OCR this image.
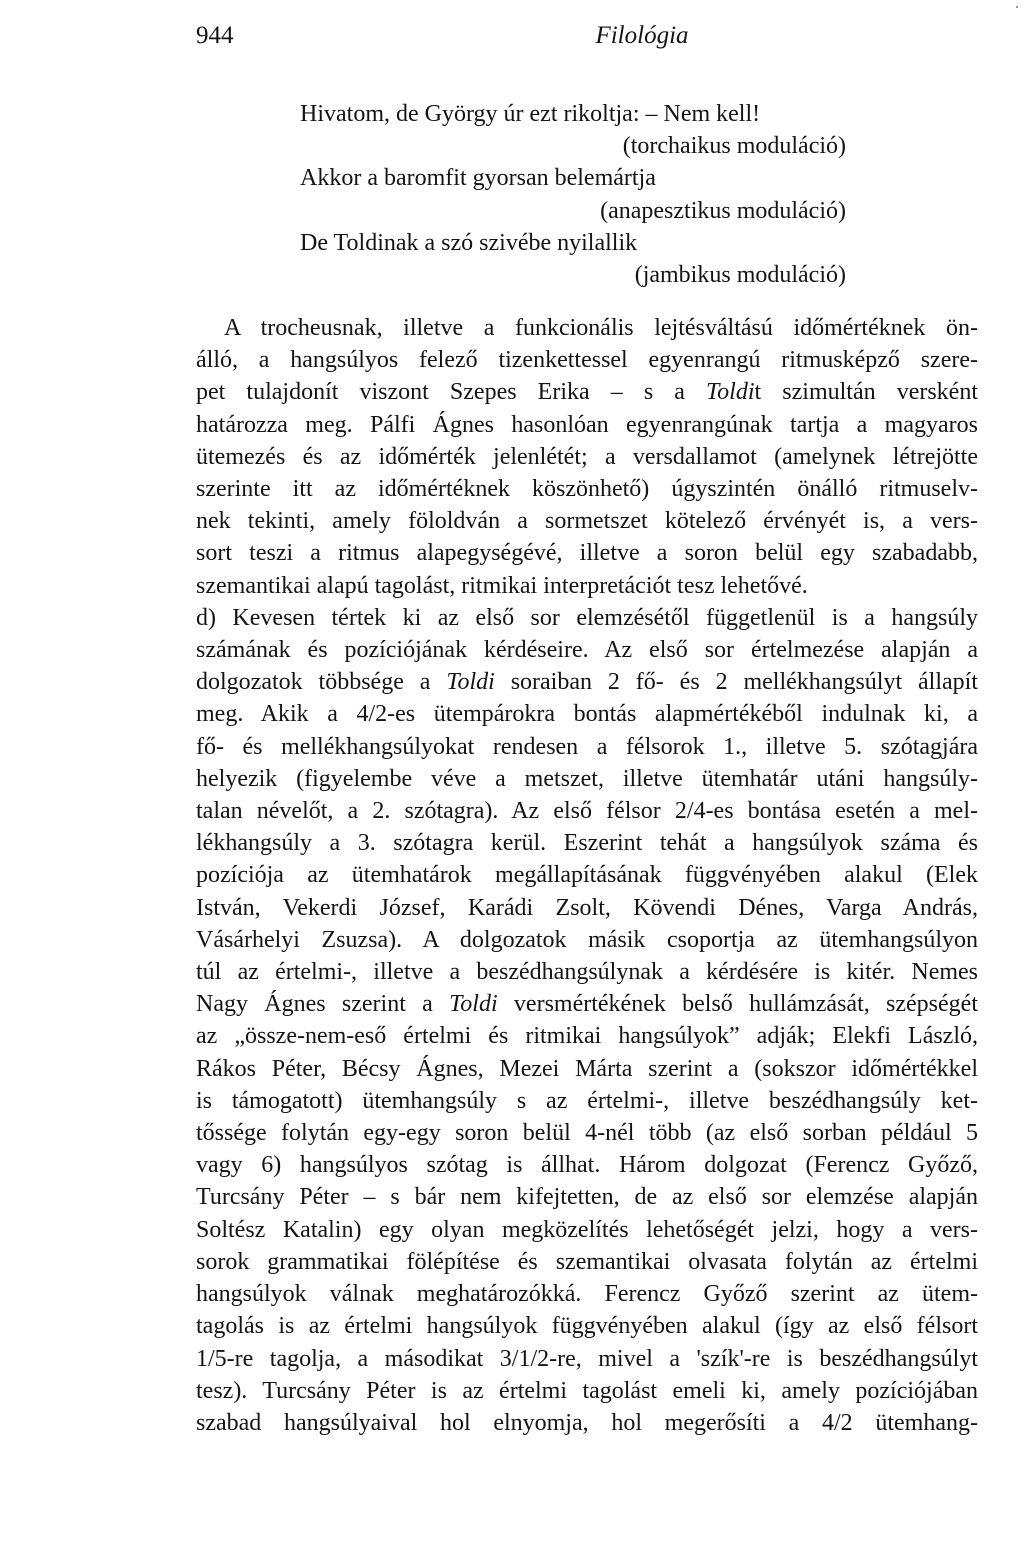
944	Filológia
Hivatom, de György úr ezt rikoltja: – Nem kell!
(torchaikus moduláció)
Akkor a baromfit gyorsan belemártja
(anapesztikus moduláció)
De Toldinak a szó szivébe nyilallik
(jambikus moduláció)
A trocheusnak, illetve a funkcionális lejtésváltású időmértéknek ön-
álló, a hangsúlyos felező tizenkettessel egyenrangú ritmusképző szere-
pet tulajdonít viszont Szepes Erika – s a Toldit szimultán versként
határozza meg. Pálfi Ágnes hasonlóan egyenrangúnak tartja a magyaros
ütemezés és az időmérték jelenlétét; a versdallamot (amelynek létrejötte
szerinte itt az időmértéknek köszönhető) úgyszintén önálló ritmuselv-
nek tekinti, amely föloldván a sormetszet kötelező érvényét is, a vers-
sort teszi a ritmus alapegységévé, illetve a soron belül egy szabadabb,
szemantikai alapú tagolást, ritmikai interpretációt tesz lehetővé.
d) Kevesen tértek ki az első sor elemzésétől függetlenül is a hangsúly
számának és pozíciójának kérdéseire. Az első sor értelmezése alapján a
dolgozatok többsége a Toldi soraiban 2 fő- és 2 mellékhangsúlyt állapít
meg. Akik a 4/2-es ütempárokra bontás alapmértékéből indulnak ki, a
fő- és mellékhangsúlyokat rendesen a félsorok 1., illetve 5. szótagjára
helyezik (figyelembe véve a metszet, illetve ütemhatár utáni hangsúly-
talan névelőt, a 2. szótagra). Az első félsor 2/4-es bontása esetén a mel-
lékhangsúly a 3. szótagra kerül. Eszerint tehát a hangsúlyok száma és
pozíciója az ütemhatárok megállapításának függvényében alakul (Elek
István, Vekerdi József, Karádi Zsolt, Kövendi Dénes, Varga András,
Vásárhelyi Zsuzsa). A dolgozatok másik csoportja az ütemhangsúlyon
túl az értelmi-, illetve a beszédhangsúlynak a kérdésére is kitér. Nemes
Nagy Ágnes szerint a Toldi versmértékének belső hullámzását, szépségét
az „össze-nem-eső értelmi és ritmikai hangsúlyok” adják; Elekfi László,
Rákos Péter, Bécsy Ágnes, Mezei Márta szerint a (sokszor időmértékkel
is támogatott) ütemhangsúly s az értelmi-, illetve beszédhangsúly ket-
tőssége folytán egy-egy soron belül 4-nél több (az első sorban például 5
vagy 6) hangsúlyos szótag is állhat. Három dolgozat (Ferencz Győző,
Turcsány Péter – s bár nem kifejtetten, de az első sor elemzése alapján
Soltész Katalin) egy olyan megközelítés lehetőségét jelzi, hogy a vers-
sorok grammatikai fölépítése és szemantikai olvasata folytán az értelmi
hangsúlyok válnak meghatározókká. Ferencz Győző szerint az ütem-
tagolás is az értelmi hangsúlyok függvényében alakul (így az első félsort
1/5-re tagolja, a másodikat 3/1/2-re, mivel a 'szík'-re is beszédhangsúlyt
tesz). Turcsány Péter is az értelmi tagolást emeli ki, amely pozíciójában
szabad hangsúlyaival hol elnyomja, hol megerősíti a 4/2 ütemhang-
